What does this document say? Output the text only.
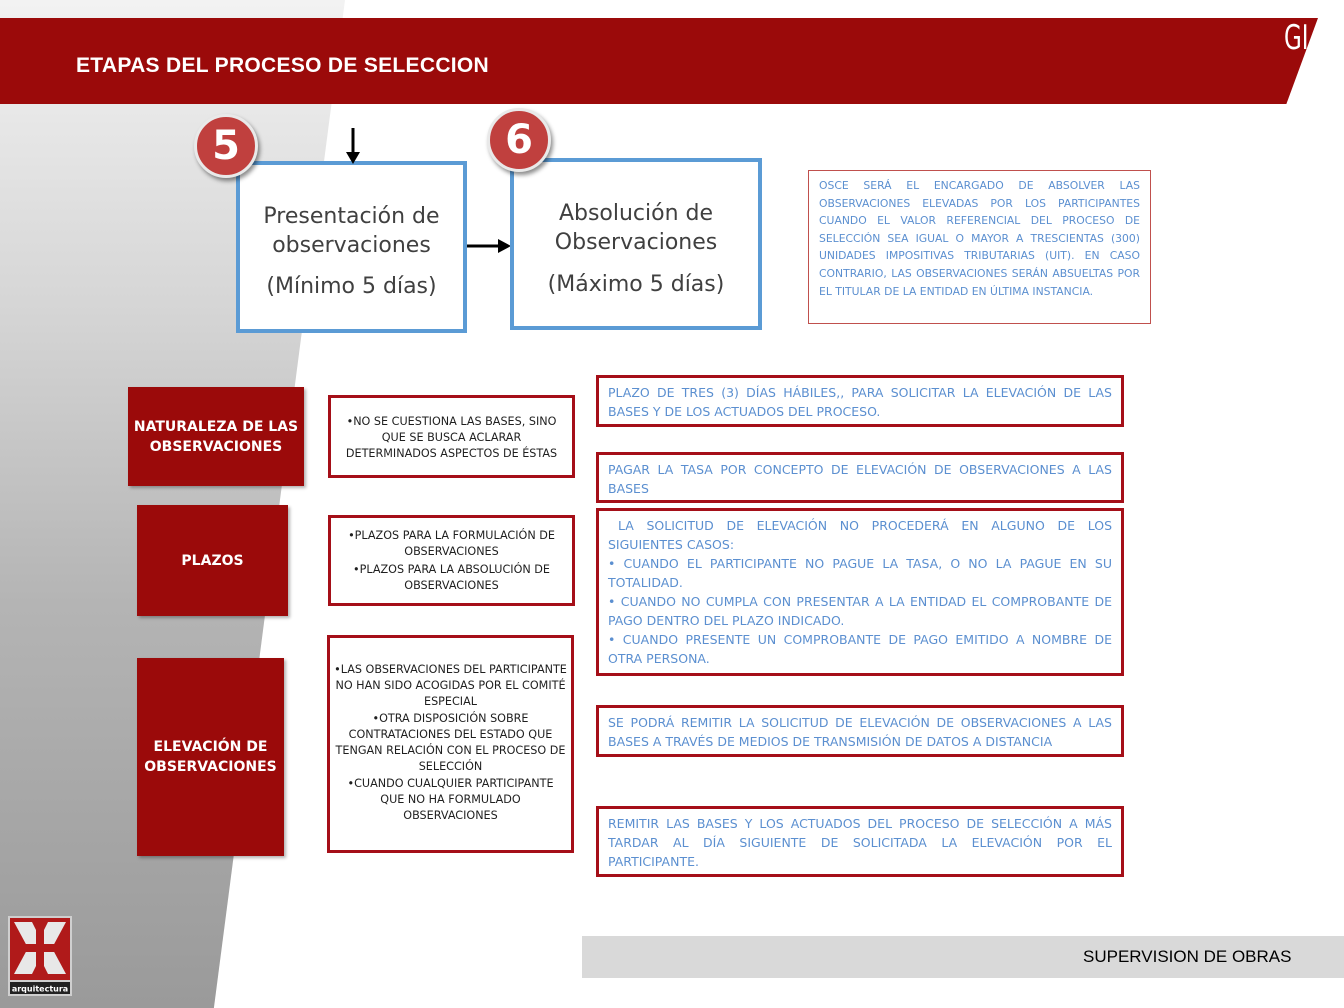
ETAPAS DEL PROCESO DE SELECCION
GI
Presentación de observaciones
(Mínimo 5 días)
5
Absolución de Observaciones
(Máximo 5 días)
6
OSCE SERÁ EL ENCARGADO DE ABSOLVER LAS OBSERVACIONES ELEVADAS POR LOS PARTICIPANTES CUANDO EL VALOR REFERENCIAL DEL PROCESO DE SELECCIÓN SEA IGUAL O MAYOR A TRESCIENTAS (300) UNIDADES IMPOSITIVAS TRIBUTARIAS (UIT). EN CASO CONTRARIO, LAS OBSERVACIONES SERÁN ABSUELTAS POR EL TITULAR DE LA ENTIDAD EN ÚLTIMA INSTANCIA.
NATURALEZA DE LAS OBSERVACIONES
PLAZOS
ELEVACIÓN DE OBSERVACIONES
•NO SE CUESTIONA LAS BASES, SINO QUE SE BUSCA ACLARAR DETERMINADOS ASPECTOS DE ÉSTAS
•PLAZOS PARA LA FORMULACIÓN DE OBSERVACIONES
•PLAZOS PARA LA ABSOLUCIÓN DE OBSERVACIONES
•LAS OBSERVACIONES DEL PARTICIPANTE NO HAN SIDO ACOGIDAS POR EL COMITÉ ESPECIAL
•OTRA DISPOSICIÓN SOBRE CONTRATACIONES DEL ESTADO QUE TENGAN RELACIÓN CON EL PROCESO DE SELECCIÓN
•CUANDO CUALQUIER PARTICIPANTE QUE NO HA FORMULADO OBSERVACIONES
PLAZO DE TRES (3) DÍAS HÁBILES,, PARA SOLICITAR LA ELEVACIÓN DE LAS BASES Y DE LOS ACTUADOS DEL PROCESO.
PAGAR LA TASA POR CONCEPTO DE ELEVACIÓN DE OBSERVACIONES A LAS BASES
LA SOLICITUD DE ELEVACIÓN NO PROCEDERÁ EN ALGUNO DE LOS SIGUIENTES CASOS:
• CUANDO EL PARTICIPANTE NO PAGUE LA TASA, O NO LA PAGUE EN SU TOTALIDAD.
• CUANDO NO CUMPLA CON PRESENTAR A LA ENTIDAD EL COMPROBANTE DE PAGO DENTRO DEL PLAZO INDICADO.
• CUANDO PRESENTE UN COMPROBANTE DE PAGO EMITIDO A NOMBRE DE OTRA PERSONA.
SE PODRÁ REMITIR LA SOLICITUD DE ELEVACIÓN DE OBSERVACIONES A LAS BASES A TRAVÉS DE MEDIOS DE TRANSMISIÓN DE DATOS A DISTANCIA
REMITIR LAS BASES Y LOS ACTUADOS DEL PROCESO DE SELECCIÓN A MÁS TARDAR AL DÍA SIGUIENTE DE SOLICITADA LA ELEVACIÓN POR EL PARTICIPANTE.
SUPERVISION DE OBRAS
arquitectura
